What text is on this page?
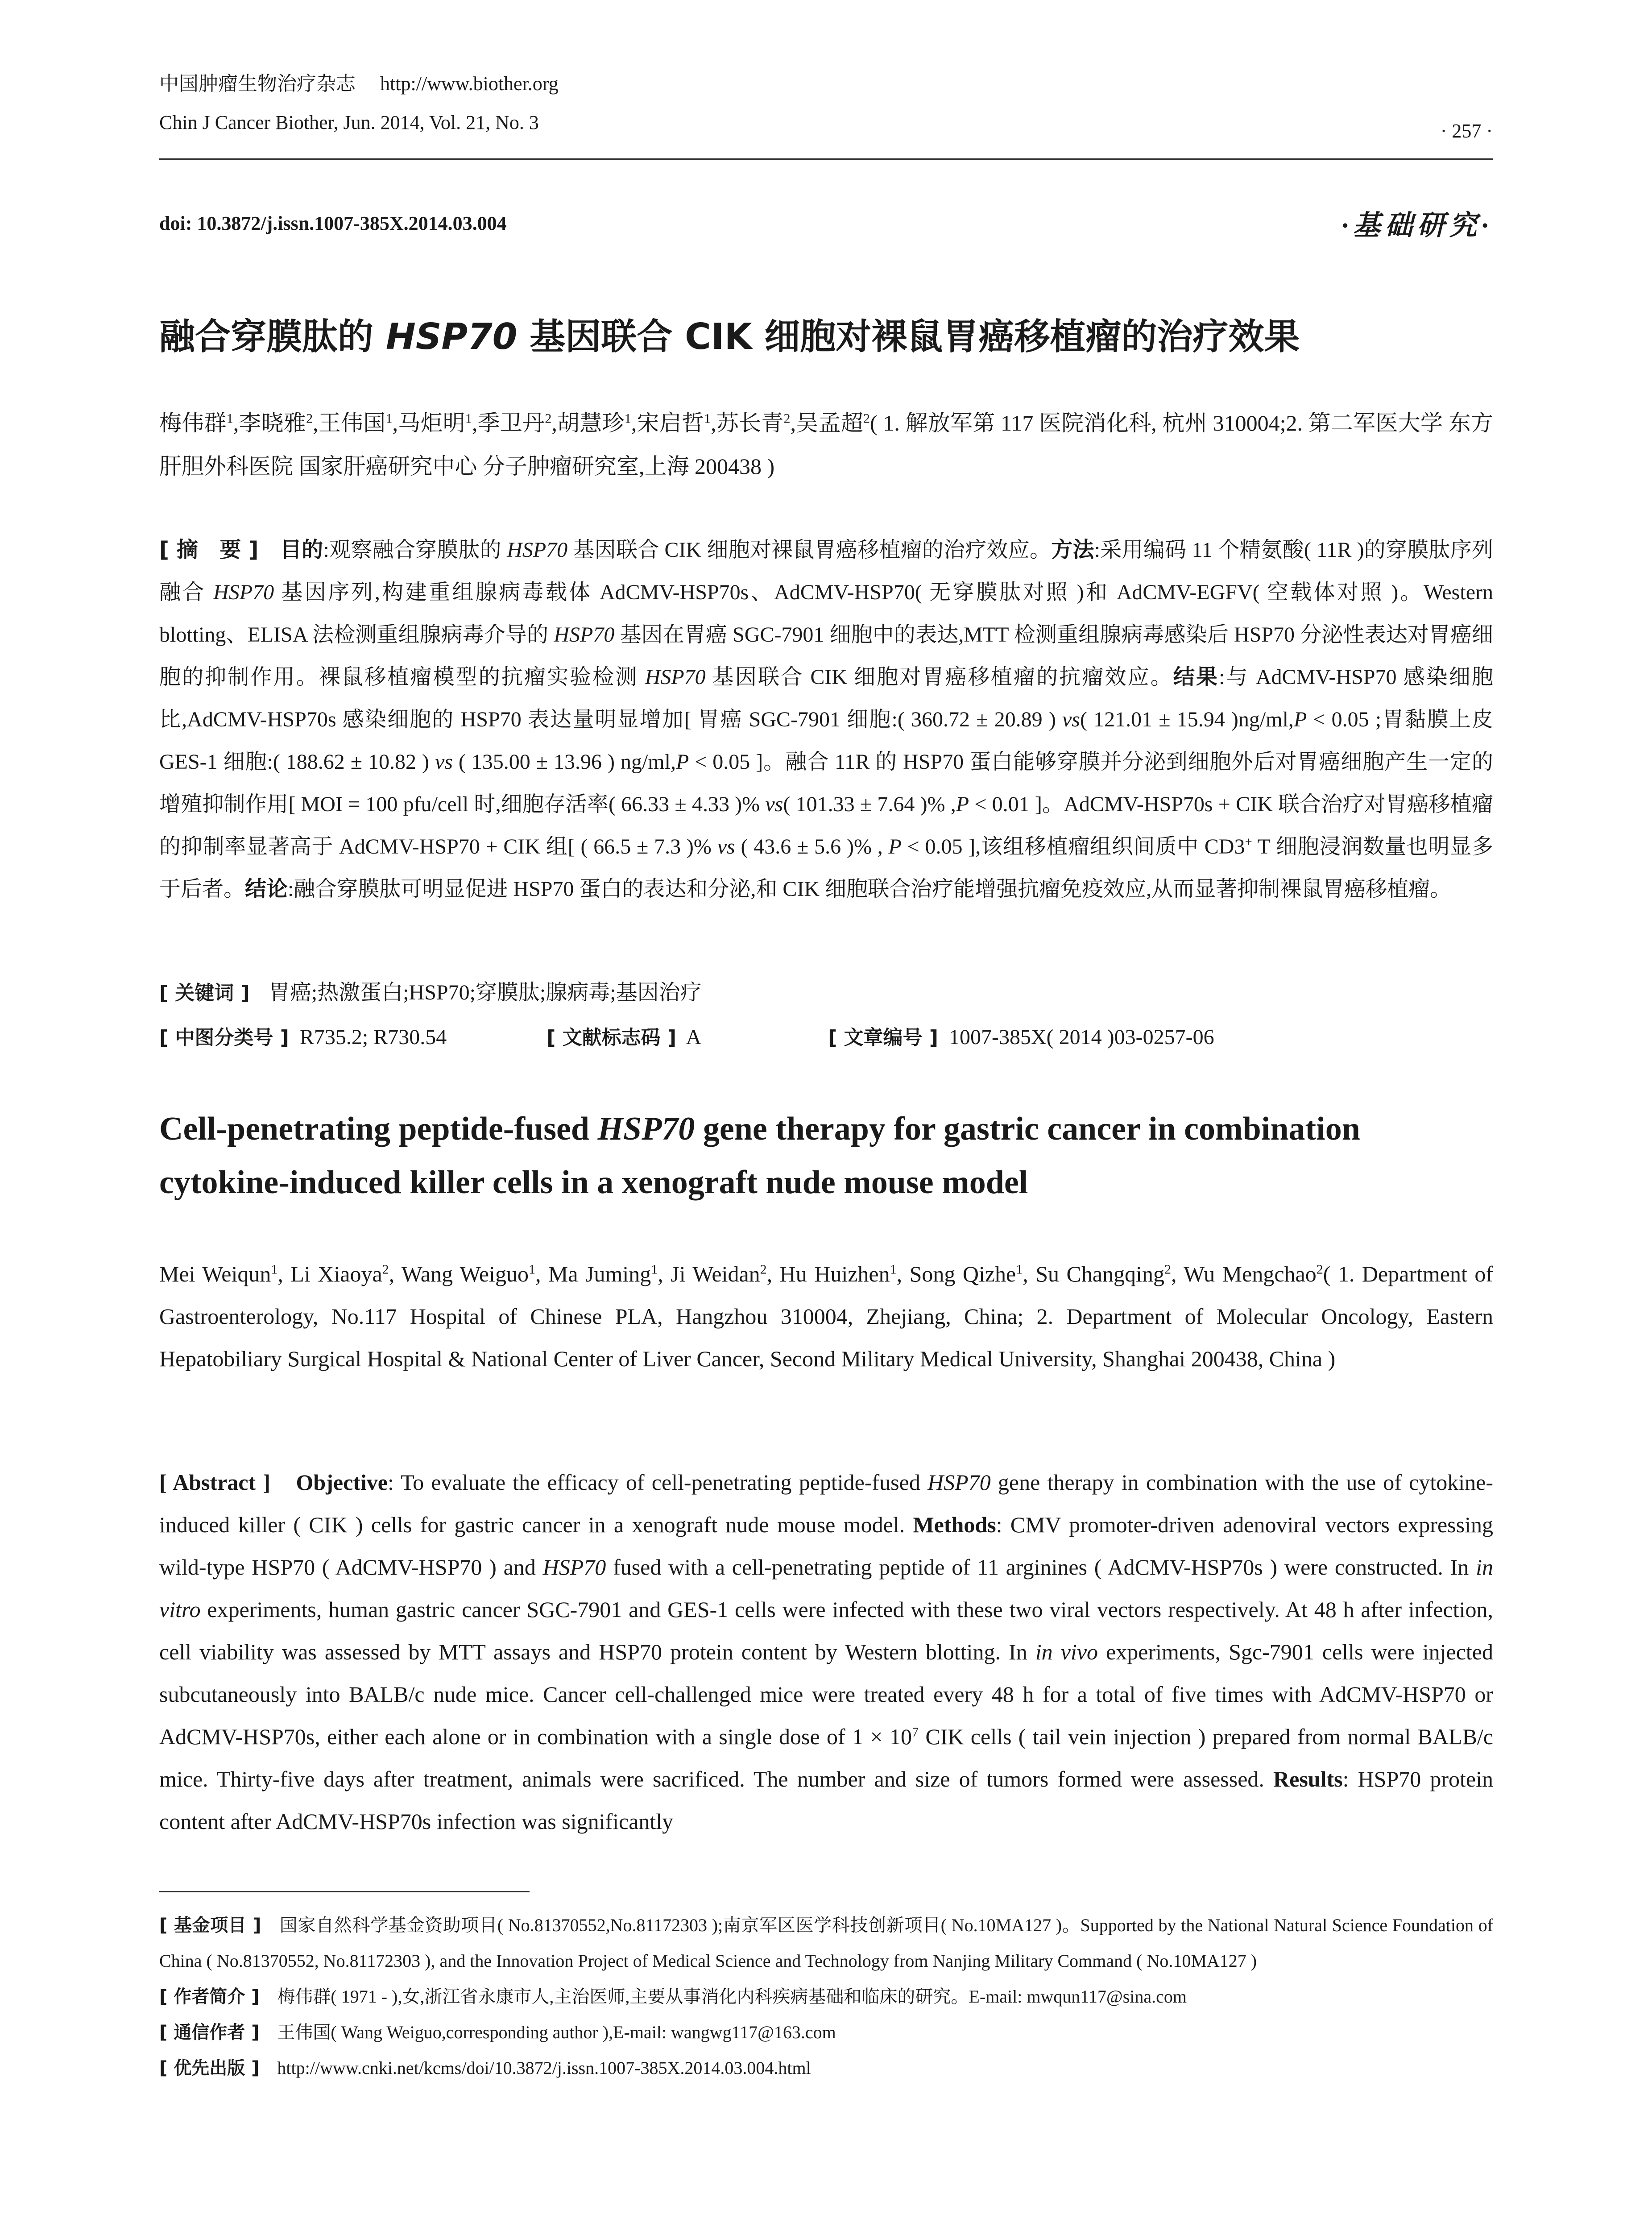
中国肿瘤生物治疗杂志　 http://www.biother.org
Chin J Cancer Biother, Jun. 2014, Vol. 21, No. 3	· 257 ·
doi: 10.3872/j.issn.1007-385X.2014.03.004	·基础研究·
融合穿膜肽的 HSP70 基因联合 CIK 细胞对裸鼠胃癌移植瘤的治疗效果
梅伟群$^1$,李晓雅$^2$,王伟国$^1$,马炬明$^1$,季卫丹$^2$,胡慧珍$^1$,宋启哲$^1$,苏长青$^2$,吴孟超$^2$( 1. 解放军第 117 医院消化科, 杭州 310004;2. 第二军医大学 东方肝胆外科医院 国家肝癌研究中心 分子肿瘤研究室,上海 200438 )
[ 摘　要 ]　 目的:观察融合穿膜肽的 HSP70 基因联合 CIK 细胞对裸鼠胃癌移植瘤的治疗效应。方法:采用编码 11 个精氨酸( 11R )的穿膜肽序列融合 HSP70 基因序列,构建重组腺病毒载体 AdCMV-HSP70s、AdCMV-HSP70( 无穿膜肽对照 )和 AdCMV-EGFV( 空载体对照 )。Western blotting、ELISA 法检测重组腺病毒介导的 HSP70 基因在胃癌 SGC-7901 细胞中的表达,MTT 检测重组腺病毒感染后 HSP70 分泌性表达对胃癌细胞的抑制作用。裸鼠移植瘤模型的抗瘤实验检测 HSP70 基因联合 CIK 细胞对胃癌移植瘤的抗瘤效应。结果:与 AdCMV-HSP70 感染细胞比,AdCMV-HSP70s 感染细胞的 HSP70 表达量明显增加[ 胃癌 SGC-7901 细胞:( 360.72 ± 20.89 ) vs( 121.01 ± 15.94 )ng/ml,P < 0.05 ;胃黏膜上皮 GES-1 细胞:( 188.62 ± 10.82 ) vs ( 135.00 ± 13.96 ) ng/ml,P < 0.05 ]。融合 11R 的 HSP70 蛋白能够穿膜并分泌到细胞外后对胃癌细胞产生一定的增殖抑制作用[ MOI = 100 pfu/cell 时,细胞存活率( 66.33 ± 4.33 )% vs( 101.33 ± 7.64 )% ,P < 0.01 ]。AdCMV-HSP70s + CIK 联合治疗对胃癌移植瘤的抑制率显著高于 AdCMV-HSP70 + CIK 组[ ( 66.5 ± 7.3 )% vs ( 43.6 ± 5.6 )% , P < 0.05 ],该组移植瘤组织间质中 CD3+ T 细胞浸润数量也明显多于后者。结论:融合穿膜肽可明显促进 HSP70 蛋白的表达和分泌,和 CIK 细胞联合治疗能增强抗瘤免疫效应,从而显著抑制裸鼠胃癌移植瘤。
[ 关键词 ] 胃癌;热激蛋白;HSP70;穿膜肽;腺病毒;基因治疗
[ 中图分类号 ] R735.2; R730.54	[ 文献标志码 ] A	[ 文章编号 ] 1007-385X( 2014 )03-0257-06
Cell-penetrating peptide-fused HSP70 gene therapy for gastric cancer in combination cytokine-induced killer cells in a xenograft nude mouse model
Mei Weiqun$^1$, Li Xiaoya$^2$, Wang Weiguo$^1$, Ma Juming$^1$, Ji Weidan$^2$, Hu Huizhen$^1$, Song Qizhe$^1$, Su Changqing$^2$, Wu Mengchao$^2$( 1. Department of Gastroenterology, No.117 Hospital of Chinese PLA, Hangzhou 310004, Zhejiang, China; 2. Department of Molecular Oncology, Eastern Hepatobiliary Surgical Hospital & National Center of Liver Cancer, Second Military Medical University, Shanghai 200438, China )
[ Abstract ]　 Objective: To evaluate the efficacy of cell-penetrating peptide-fused HSP70 gene therapy in combination with the use of cytokine-induced killer ( CIK ) cells for gastric cancer in a xenograft nude mouse model. Methods: CMV promoter-driven adenoviral vectors expressing wild-type HSP70 ( AdCMV-HSP70 ) and HSP70 fused with a cell-penetrating peptide of 11 arginines ( AdCMV-HSP70s ) were constructed. In in vitro experiments, human gastric cancer SGC-7901 and GES-1 cells were infected with these two viral vectors respectively. At 48 h after infection, cell viability was assessed by MTT assays and HSP70 protein content by Western blotting. In in vivo experiments, Sgc-7901 cells were injected subcutaneously into BALB/c nude mice. Cancer cell-challenged mice were treated every 48 h for a total of five times with AdCMV-HSP70 or AdCMV-HSP70s, either each alone or in combination with a single dose of $1 \times 10^7$ CIK cells ( tail vein injection ) prepared from normal BALB/c mice. Thirty-five days after treatment, animals were sacrificed. The number and size of tumors formed were assessed. Results: HSP70 protein content after AdCMV-HSP70s infection was significantly
[ 基金项目 ]　 国家自然科学基金资助项目( No.81370552,No.81172303 );南京军区医学科技创新项目( No.10MA127 )。Supported by the National Natural Science Foundation of China ( No.81370552, No.81172303 ), and the Innovation Project of Medical Science and Technology from Nanjing Military Command ( No.10MA127 )
[ 作者简介 ]　 梅伟群( 1971 - ),女,浙江省永康市人,主治医师,主要从事消化内科疾病基础和临床的研究。E-mail: mwqun117@sina.com
[ 通信作者 ]　 王伟国( Wang Weiguo,corresponding author ),E-mail: wangwg117@163.com
[ 优先出版 ]　 http://www.cnki.net/kcms/doi/10.3872/j.issn.1007-385X.2014.03.004.html
